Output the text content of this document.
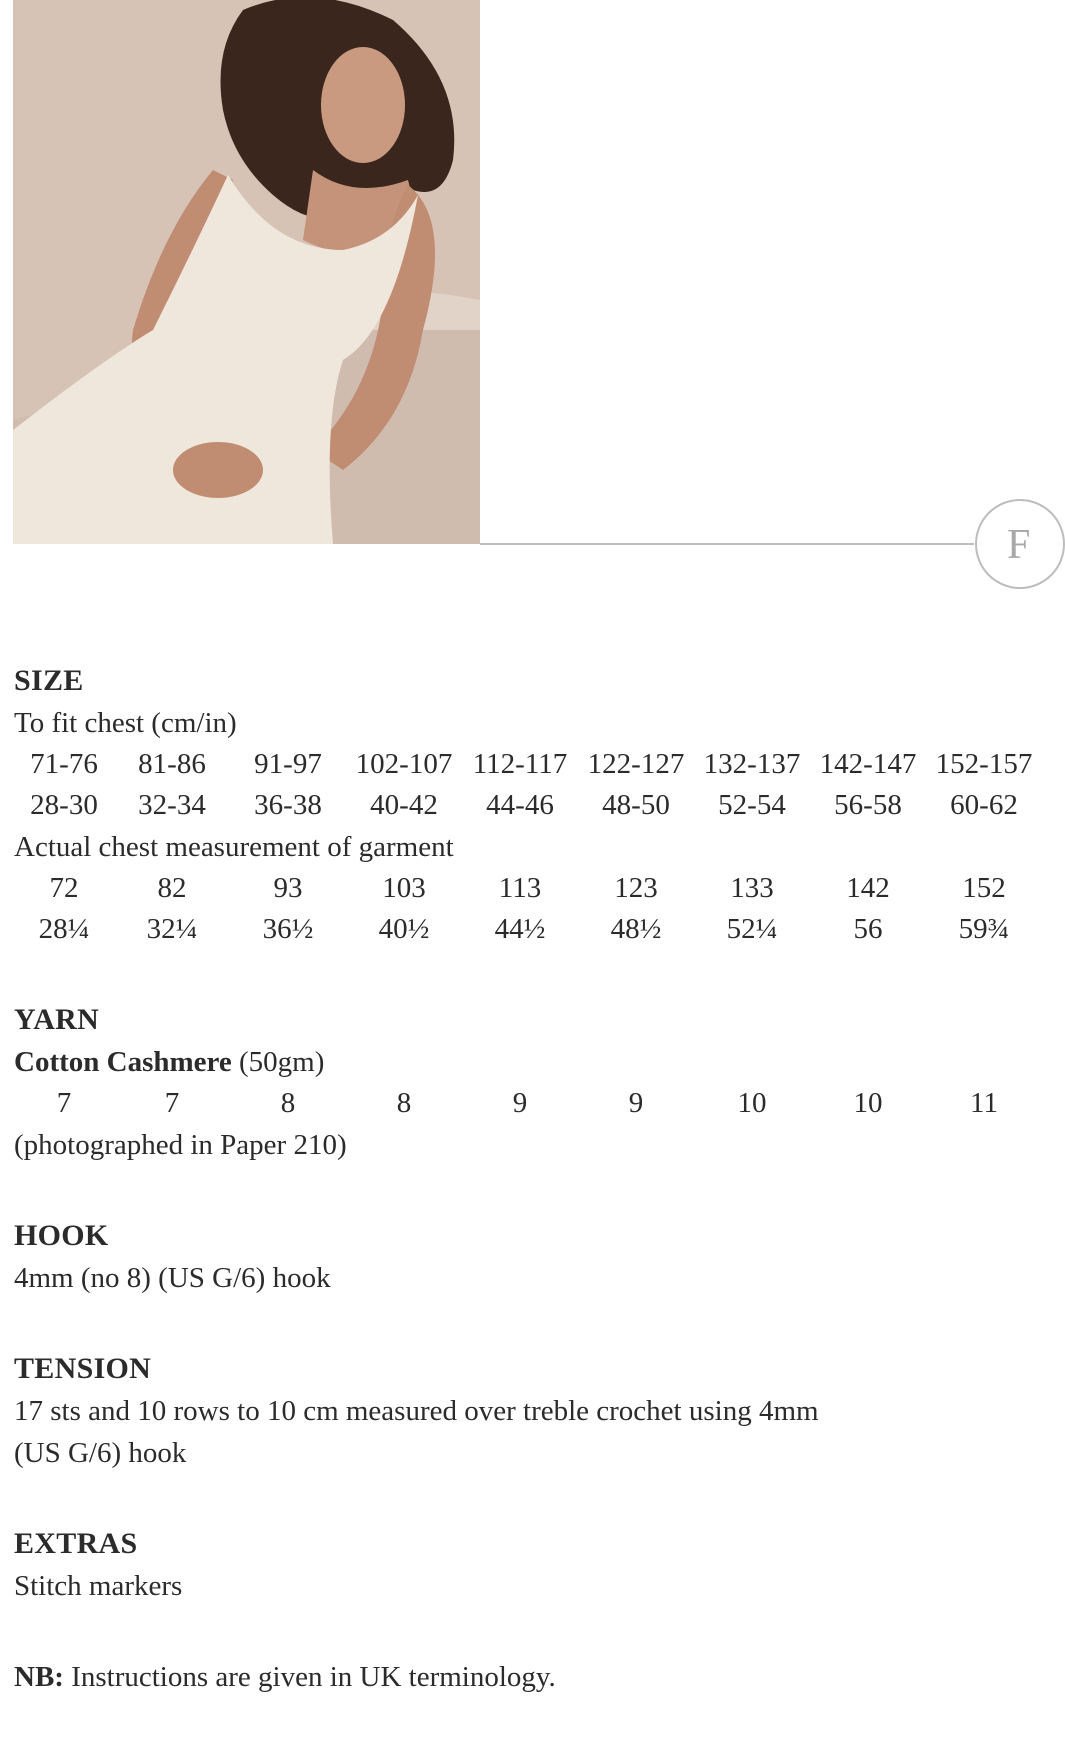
F

SIZE

To fit chest (cm/in)

71-76	81-86	91-97	102-107 112-117 122-127 132-137 142-147 152-157
28-30	32-34	36-38	40-42	44-46	48-50	52-54	56-58	60-62

Actual chest measurement of garment

72	82	93	103	113	123	133	142	152
28¼	32¼	36½	40½	44½	48½	52¼	56	59¾

YARN

Cotton Cashmere (50gm)

7	7	8	8	9	9	10	10	11

(photographed in Paper 210)

HOOK

4mm (no 8) (US G/6) hook

TENSION

17 sts and 10 rows to 10 cm measured over treble crochet using 4mm

(US G/6) hook

EXTRAS

Stitch markers

NB: Instructions are given in UK terminology.
